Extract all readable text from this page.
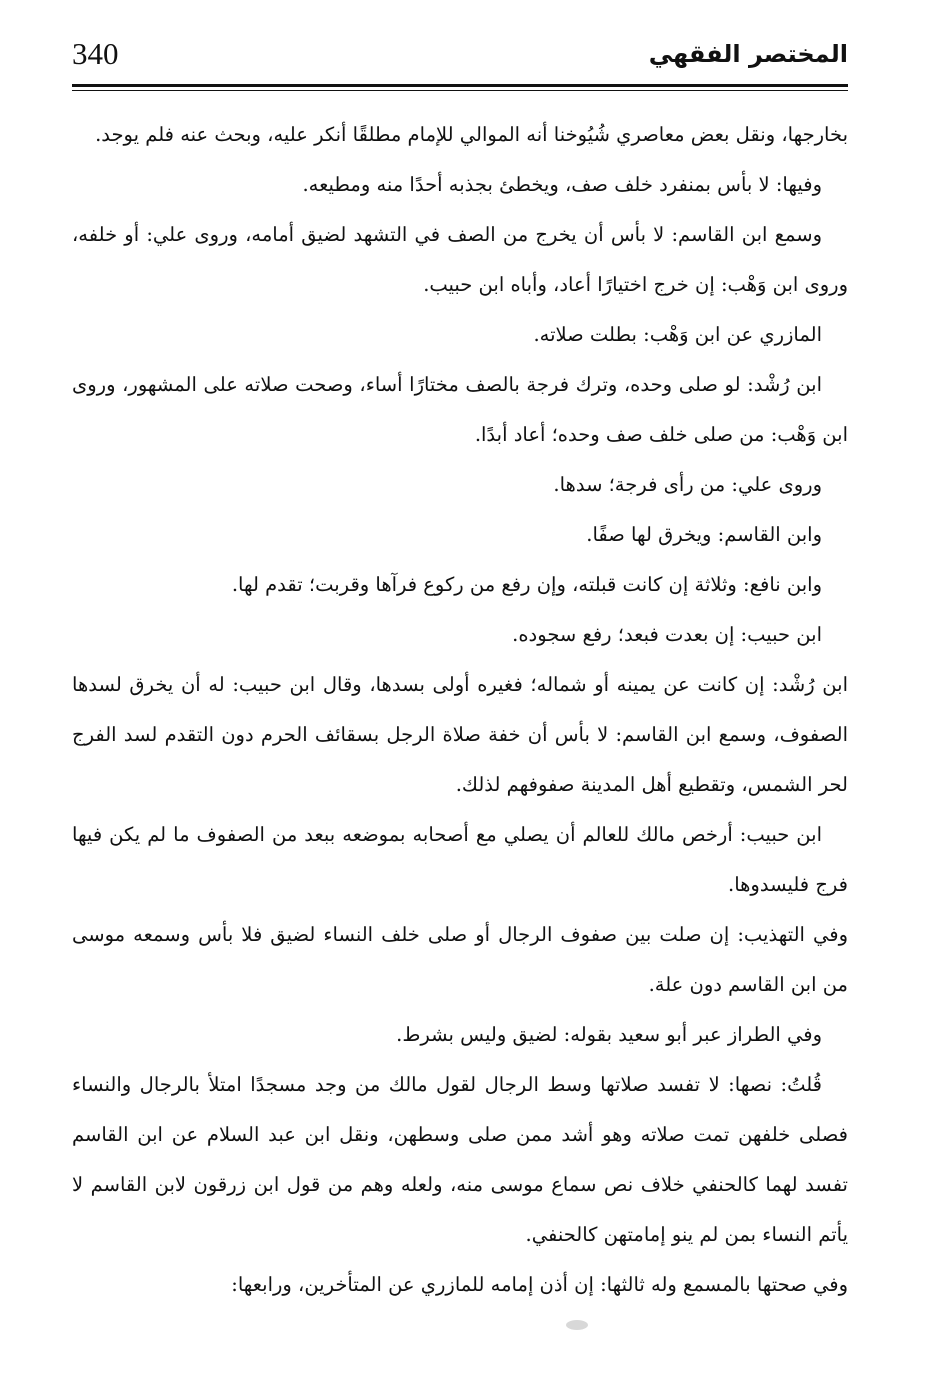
340	المختصر الفقهي

بخارجها، ونقل بعض معاصري شُيُوخنا أنه الموالي للإمام مطلقًا أنكر عليه، وبحث عنه فلم يوجد.

وفيها: لا بأس بمنفرد خلف صف، ويخطئ بجذبه أحدًا منه ومطيعه.

وسمع ابن القاسم: لا بأس أن يخرج من الصف في التشهد لضيق أمامه، وروى علي: أو خلفه، وروى ابن وَهْب: إن خرج اختيارًا أعاد، وأباه ابن حبيب.

المازري عن ابن وَهْب: بطلت صلاته.

ابن رُشْد: لو صلى وحده، وترك فرجة بالصف مختارًا أساء، وصحت صلاته على المشهور، وروى ابن وَهْب: من صلى خلف صف وحده؛ أعاد أبدًا.

وروى علي: من رأى فرجة؛ سدها.

وابن القاسم: ويخرق لها صفًا.

وابن نافع: وثلاثة إن كانت قبلته، وإن رفع من ركوع فرآها وقربت؛ تقدم لها.

ابن حبيب: إن بعدت فبعد؛ رفع سجوده.

ابن رُشْد: إن كانت عن يمينه أو شماله؛ فغيره أولى بسدها، وقال ابن حبيب: له أن يخرق لسدها الصفوف، وسمع ابن القاسم: لا بأس أن خفة صلاة الرجل بسقائف الحرم دون التقدم لسد الفرج لحر الشمس، وتقطيع أهل المدينة صفوفهم لذلك.

ابن حبيب: أرخص مالك للعالم أن يصلي مع أصحابه بموضعه ببعد من الصفوف ما لم يكن فيها فرج فليسدوها.

وفي التهذيب: إن صلت بين صفوف الرجال أو صلى خلف النساء لضيق فلا بأس وسمعه موسى من ابن القاسم دون علة.

وفي الطراز عبر أبو سعيد بقوله: لضيق وليس بشرط.

قُلتُ: نصها: لا تفسد صلاتها وسط الرجال لقول مالك من وجد مسجدًا امتلأ بالرجال والنساء فصلى خلفهن تمت صلاته وهو أشد ممن صلى وسطهن، ونقل ابن عبد السلام عن ابن القاسم تفسد لهما كالحنفي خلاف نص سماع موسى منه، ولعله وهم من قول ابن زرقون لابن القاسم لا يأتم النساء بمن لم ينو إمامتهن كالحنفي.

وفي صحتها بالمسمع وله ثالثها: إن أذن إمامه للمازري عن المتأخرين، ورابعها:
